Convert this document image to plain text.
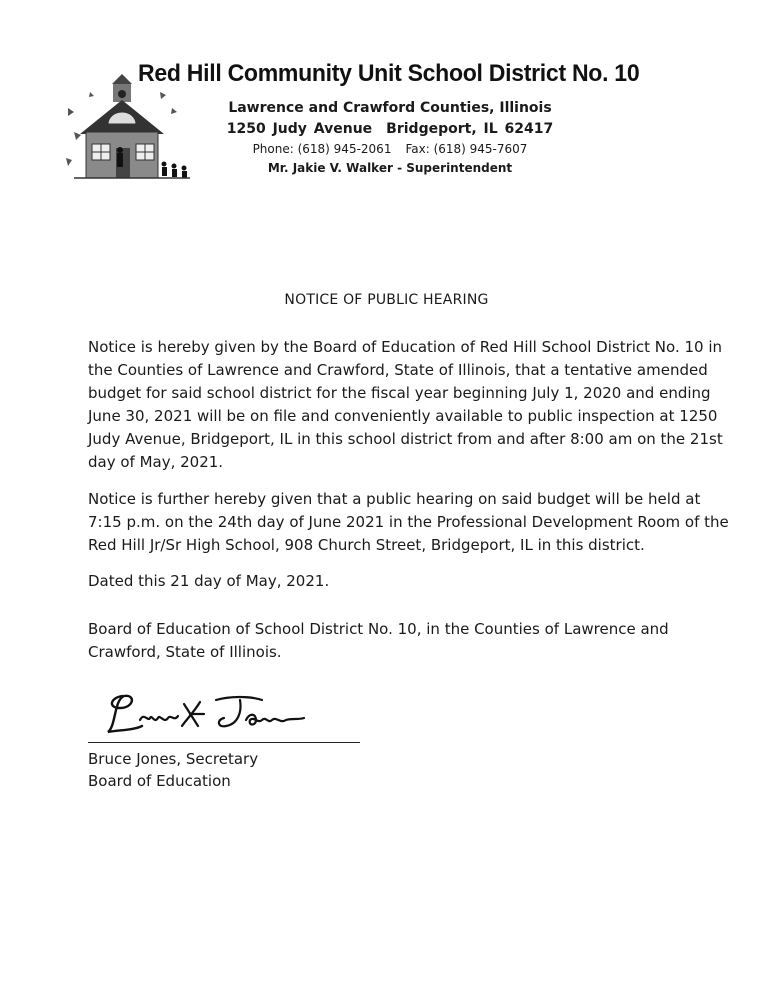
Red Hill Community Unit School District No. 10
Lawrence and Crawford Counties, Illinois
1250 Judy Avenue Bridgeport, IL 62417
Phone: (618) 945-2061 Fax: (618) 945-7607
Mr. Jakie V. Walker - Superintendent
NOTICE OF PUBLIC HEARING

Notice is hereby given by the Board of Education of Red Hill School District No. 10 in the Counties of Lawrence and Crawford, State of Illinois, that a tentative amended budget for said school district for the fiscal year beginning July 1, 2020 and ending June 30, 2021 will be on file and conveniently available to public inspection at 1250 Judy Avenue, Bridgeport, IL in this school district from and after 8:00 am on the 21st day of May, 2021.

Notice is further hereby given that a public hearing on said budget will be held at 7:15 p.m. on the 24th day of June 2021 in the Professional Development Room of the Red Hill Jr/Sr High School, 908 Church Street, Bridgeport, IL in this district.

Dated this 21 day of May, 2021.

Board of Education of School District No. 10, in the Counties of Lawrence and Crawford, State of Illinois.

Bruce Jones, Secretary
Board of Education
